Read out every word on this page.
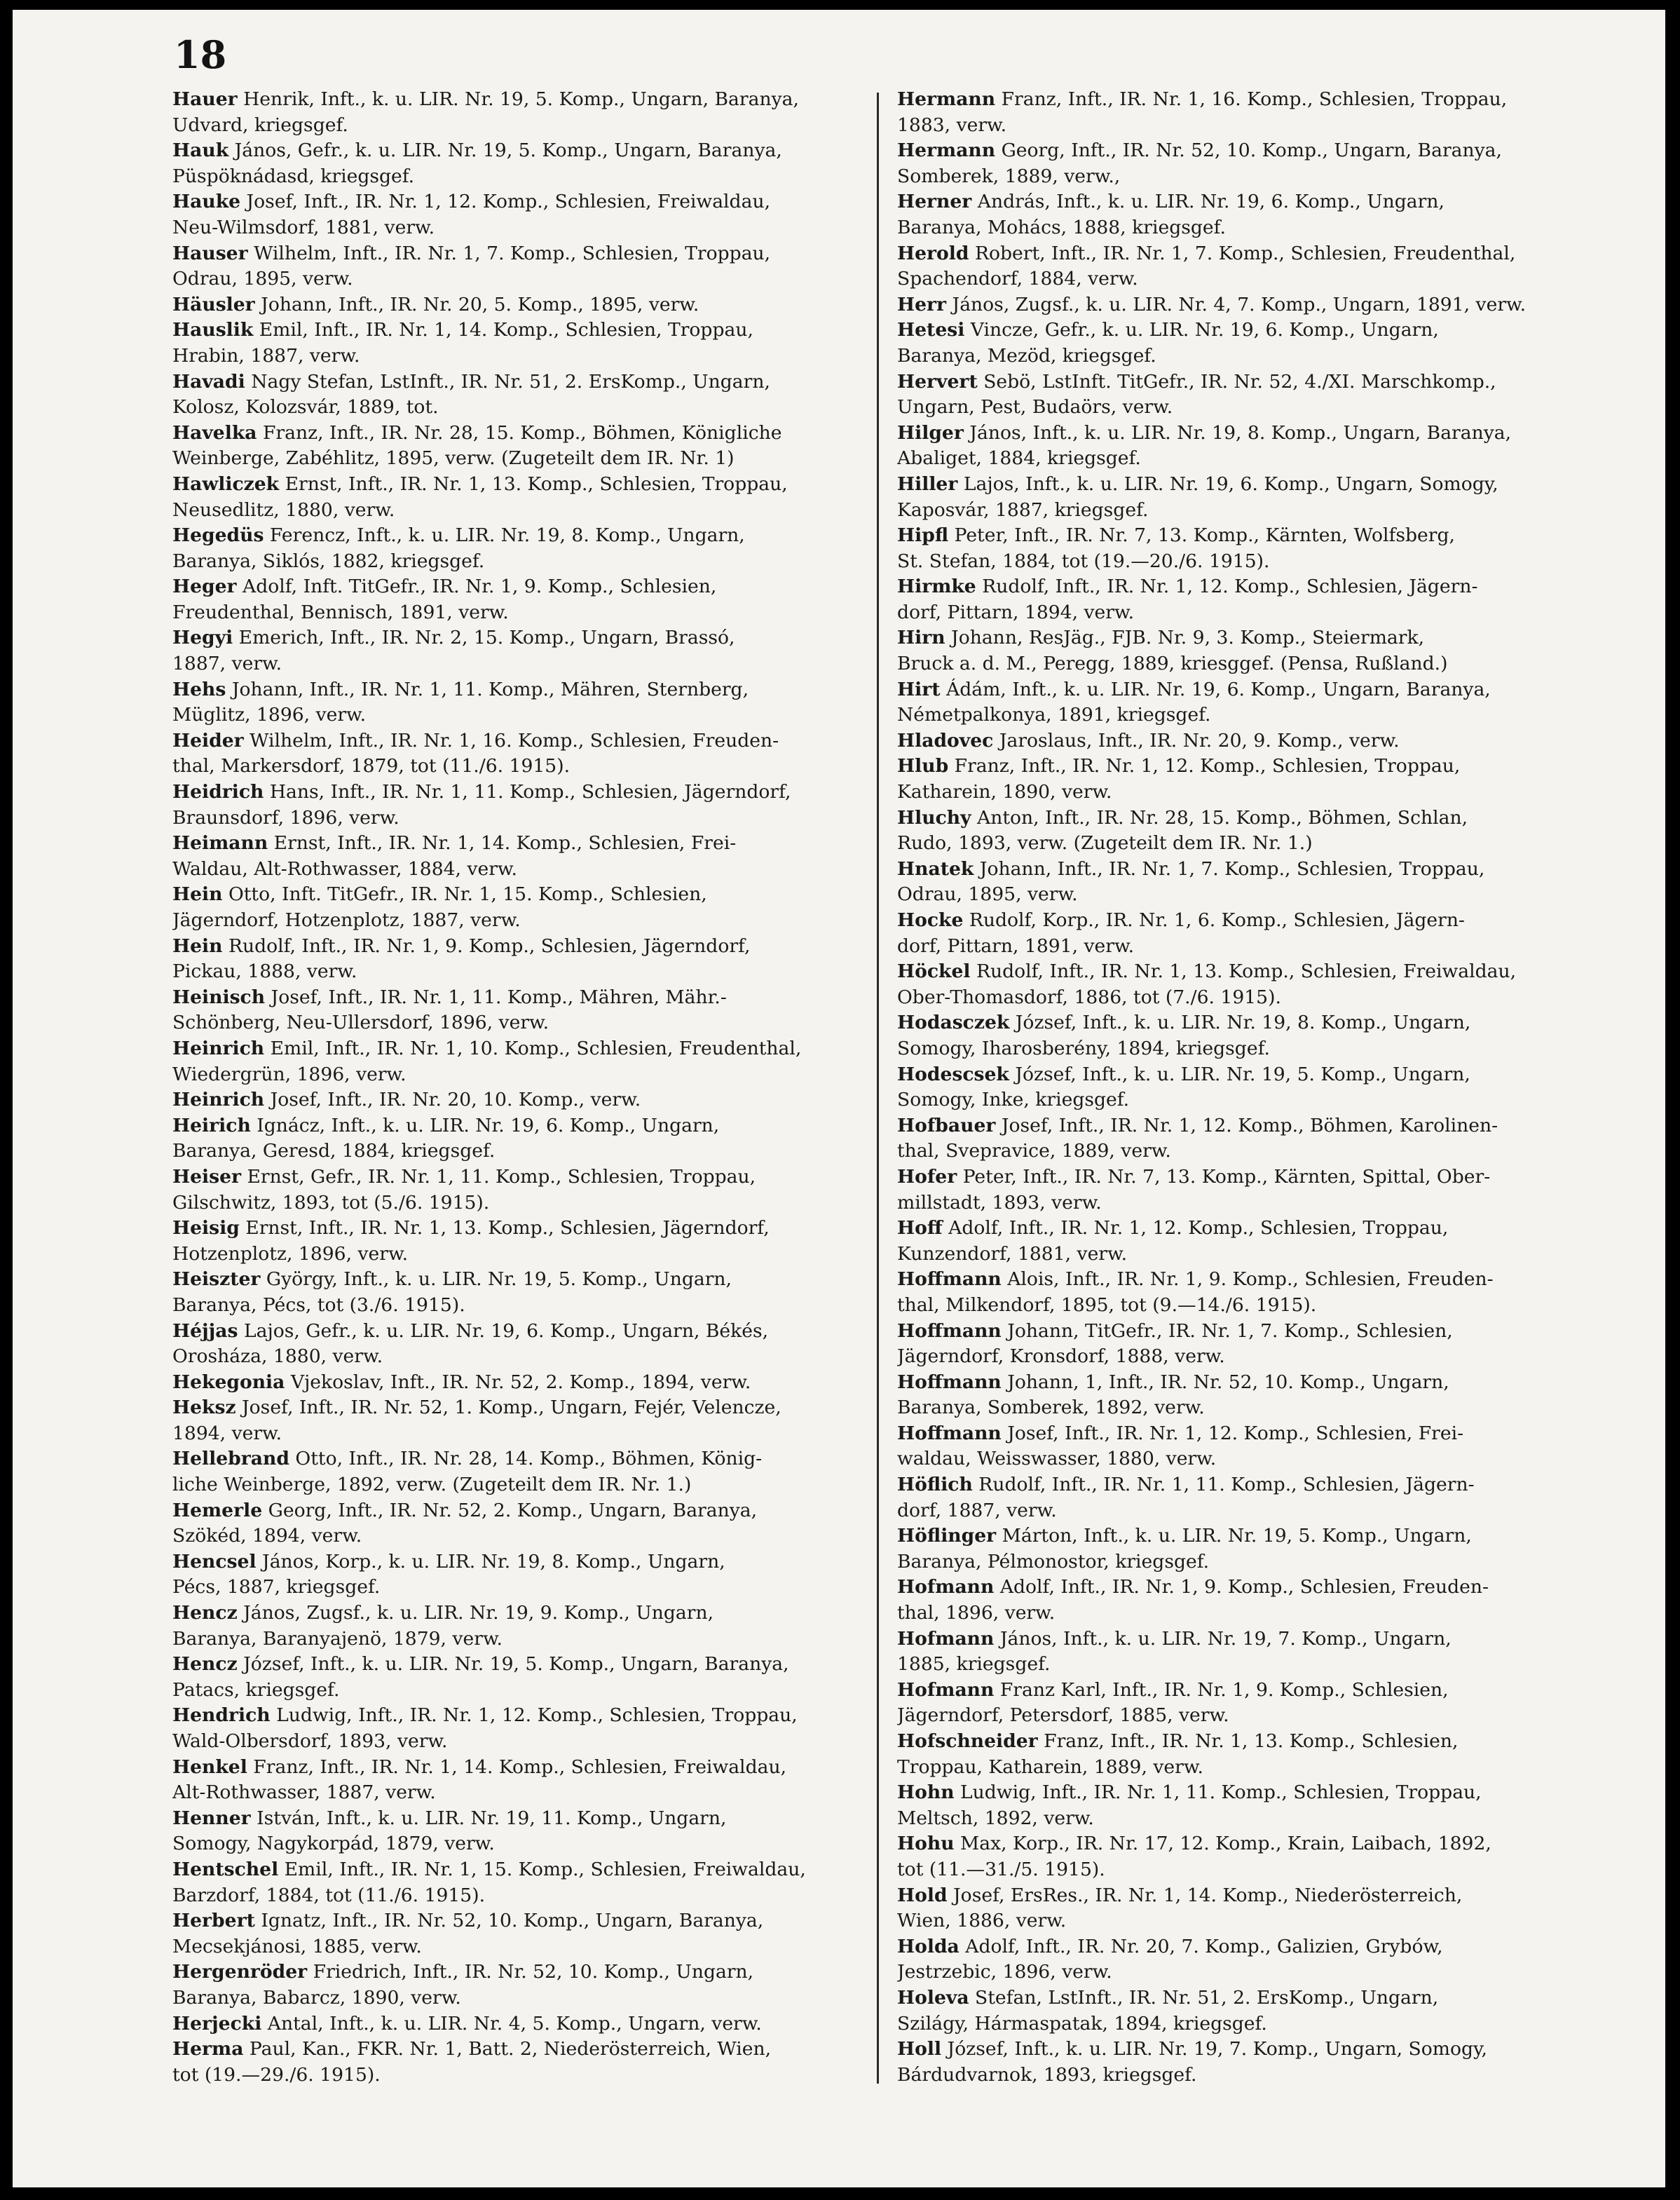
18
Hauer Henrik, Inft., k. u. LIR. Nr. 19, 5. Komp., Ungarn, Baranya,
Udvard, kriegsgef.
Hauk János, Gefr., k. u. LIR. Nr. 19, 5. Komp., Ungarn, Baranya,
Püspöknádasd, kriegsgef.
Hauke Josef, Inft., IR. Nr. 1, 12. Komp., Schlesien, Freiwaldau,
Neu-Wilmsdorf, 1881, verw.
Hauser Wilhelm, Inft., IR. Nr. 1, 7. Komp., Schlesien, Troppau,
Odrau, 1895, verw.
Häusler Johann, Inft., IR. Nr. 20, 5. Komp., 1895, verw.
Hauslik Emil, Inft., IR. Nr. 1, 14. Komp., Schlesien, Troppau,
Hrabin, 1887, verw.
Havadi Nagy Stefan, LstInft., IR. Nr. 51, 2. ErsKomp., Ungarn,
Kolosz, Kolozsvár, 1889, tot.
Havelka Franz, Inft., IR. Nr. 28, 15. Komp., Böhmen, Königliche
Weinberge, Zabéhlitz, 1895, verw. (Zugeteilt dem IR. Nr. 1)
Hawliczek Ernst, Inft., IR. Nr. 1, 13. Komp., Schlesien, Troppau,
Neusedlitz, 1880, verw.
Hegedüs Ferencz, Inft., k. u. LIR. Nr. 19, 8. Komp., Ungarn,
Baranya, Siklós, 1882, kriegsgef.
Heger Adolf, Inft. TitGefr., IR. Nr. 1, 9. Komp., Schlesien,
Freudenthal, Bennisch, 1891, verw.
Hegyi Emerich, Inft., IR. Nr. 2, 15. Komp., Ungarn, Brassó,
1887, verw.
Hehs Johann, Inft., IR. Nr. 1, 11. Komp., Mähren, Sternberg,
Müglitz, 1896, verw.
Heider Wilhelm, Inft., IR. Nr. 1, 16. Komp., Schlesien, Freuden-
thal, Markersdorf, 1879, tot (11./6. 1915).
Heidrich Hans, Inft., IR. Nr. 1, 11. Komp., Schlesien, Jägerndorf,
Braunsdorf, 1896, verw.
Heimann Ernst, Inft., IR. Nr. 1, 14. Komp., Schlesien, Frei-
Waldau, Alt-Rothwasser, 1884, verw.
Hein Otto, Inft. TitGefr., IR. Nr. 1, 15. Komp., Schlesien,
Jägerndorf, Hotzenplotz, 1887, verw.
Hein Rudolf, Inft., IR. Nr. 1, 9. Komp., Schlesien, Jägerndorf,
Pickau, 1888, verw.
Heinisch Josef, Inft., IR. Nr. 1, 11. Komp., Mähren, Mähr.-
Schönberg, Neu-Ullersdorf, 1896, verw.
Heinrich Emil, Inft., IR. Nr. 1, 10. Komp., Schlesien, Freudenthal,
Wiedergrün, 1896, verw.
Heinrich Josef, Inft., IR. Nr. 20, 10. Komp., verw.
Heirich Ignácz, Inft., k. u. LIR. Nr. 19, 6. Komp., Ungarn,
Baranya, Geresd, 1884, kriegsgef.
Heiser Ernst, Gefr., IR. Nr. 1, 11. Komp., Schlesien, Troppau,
Gilschwitz, 1893, tot (5./6. 1915).
Heisig Ernst, Inft., IR. Nr. 1, 13. Komp., Schlesien, Jägerndorf,
Hotzenplotz, 1896, verw.
Heiszter György, Inft., k. u. LIR. Nr. 19, 5. Komp., Ungarn,
Baranya, Pécs, tot (3./6. 1915).
Héjjas Lajos, Gefr., k. u. LIR. Nr. 19, 6. Komp., Ungarn, Békés,
Orosháza, 1880, verw.
Hekegonia Vjekoslav, Inft., IR. Nr. 52, 2. Komp., 1894, verw.
Heksz Josef, Inft., IR. Nr. 52, 1. Komp., Ungarn, Fejér, Velencze,
1894, verw.
Hellebrand Otto, Inft., IR. Nr. 28, 14. Komp., Böhmen, König-
liche Weinberge, 1892, verw. (Zugeteilt dem IR. Nr. 1.)
Hemerle Georg, Inft., IR. Nr. 52, 2. Komp., Ungarn, Baranya,
Szökéd, 1894, verw.
Hencsel János, Korp., k. u. LIR. Nr. 19, 8. Komp., Ungarn,
Pécs, 1887, kriegsgef.
Hencz János, Zugsf., k. u. LIR. Nr. 19, 9. Komp., Ungarn,
Baranya, Baranyajenö, 1879, verw.
Hencz József, Inft., k. u. LIR. Nr. 19, 5. Komp., Ungarn, Baranya,
Patacs, kriegsgef.
Hendrich Ludwig, Inft., IR. Nr. 1, 12. Komp., Schlesien, Troppau,
Wald-Olbersdorf, 1893, verw.
Henkel Franz, Inft., IR. Nr. 1, 14. Komp., Schlesien, Freiwaldau,
Alt-Rothwasser, 1887, verw.
Henner István, Inft., k. u. LIR. Nr. 19, 11. Komp., Ungarn,
Somogy, Nagykorpád, 1879, verw.
Hentschel Emil, Inft., IR. Nr. 1, 15. Komp., Schlesien, Freiwaldau,
Barzdorf, 1884, tot (11./6. 1915).
Herbert Ignatz, Inft., IR. Nr. 52, 10. Komp., Ungarn, Baranya,
Mecsekjánosi, 1885, verw.
Hergenröder Friedrich, Inft., IR. Nr. 52, 10. Komp., Ungarn,
Baranya, Babarcz, 1890, verw.
Herjecki Antal, Inft., k. u. LIR. Nr. 4, 5. Komp., Ungarn, verw.
Herma Paul, Kan., FKR. Nr. 1, Batt. 2, Niederösterreich, Wien,
tot (19.—29./6. 1915).
Hermann Franz, Inft., IR. Nr. 1, 16. Komp., Schlesien, Troppau,
1883, verw.
Hermann Georg, Inft., IR. Nr. 52, 10. Komp., Ungarn, Baranya,
Somberek, 1889, verw.,
Herner András, Inft., k. u. LIR. Nr. 19, 6. Komp., Ungarn,
Baranya, Mohács, 1888, kriegsgef.
Herold Robert, Inft., IR. Nr. 1, 7. Komp., Schlesien, Freudenthal,
Spachendorf, 1884, verw.
Herr János, Zugsf., k. u. LIR. Nr. 4, 7. Komp., Ungarn, 1891, verw.
Hetesi Vincze, Gefr., k. u. LIR. Nr. 19, 6. Komp., Ungarn,
Baranya, Mezöd, kriegsgef.
Hervert Sebö, LstInft. TitGefr., IR. Nr. 52, 4./XI. Marschkomp.,
Ungarn, Pest, Budaörs, verw.
Hilger János, Inft., k. u. LIR. Nr. 19, 8. Komp., Ungarn, Baranya,
Abaliget, 1884, kriegsgef.
Hiller Lajos, Inft., k. u. LIR. Nr. 19, 6. Komp., Ungarn, Somogy,
Kaposvár, 1887, kriegsgef.
Hipfl Peter, Inft., IR. Nr. 7, 13. Komp., Kärnten, Wolfsberg,
St. Stefan, 1884, tot (19.—20./6. 1915).
Hirmke Rudolf, Inft., IR. Nr. 1, 12. Komp., Schlesien, Jägern-
dorf, Pittarn, 1894, verw.
Hirn Johann, ResJäg., FJB. Nr. 9, 3. Komp., Steiermark,
Bruck a. d. M., Peregg, 1889, kriesggef. (Pensa, Rußland.)
Hirt Ádám, Inft., k. u. LIR. Nr. 19, 6. Komp., Ungarn, Baranya,
Németpalkonya, 1891, kriegsgef.
Hladovec Jaroslaus, Inft., IR. Nr. 20, 9. Komp., verw.
Hlub Franz, Inft., IR. Nr. 1, 12. Komp., Schlesien, Troppau,
Katharein, 1890, verw.
Hluchy Anton, Inft., IR. Nr. 28, 15. Komp., Böhmen, Schlan,
Rudo, 1893, verw. (Zugeteilt dem IR. Nr. 1.)
Hnatek Johann, Inft., IR. Nr. 1, 7. Komp., Schlesien, Troppau,
Odrau, 1895, verw.
Hocke Rudolf, Korp., IR. Nr. 1, 6. Komp., Schlesien, Jägern-
dorf, Pittarn, 1891, verw.
Höckel Rudolf, Inft., IR. Nr. 1, 13. Komp., Schlesien, Freiwaldau,
Ober-Thomasdorf, 1886, tot (7./6. 1915).
Hodasczek József, Inft., k. u. LIR. Nr. 19, 8. Komp., Ungarn,
Somogy, Iharosberény, 1894, kriegsgef.
Hodescsek József, Inft., k. u. LIR. Nr. 19, 5. Komp., Ungarn,
Somogy, Inke, kriegsgef.
Hofbauer Josef, Inft., IR. Nr. 1, 12. Komp., Böhmen, Karolinen-
thal, Svepravice, 1889, verw.
Hofer Peter, Inft., IR. Nr. 7, 13. Komp., Kärnten, Spittal, Ober-
millstadt, 1893, verw.
Hoff Adolf, Inft., IR. Nr. 1, 12. Komp., Schlesien, Troppau,
Kunzendorf, 1881, verw.
Hoffmann Alois, Inft., IR. Nr. 1, 9. Komp., Schlesien, Freuden-
thal, Milkendorf, 1895, tot (9.—14./6. 1915).
Hoffmann Johann, TitGefr., IR. Nr. 1, 7. Komp., Schlesien,
Jägerndorf, Kronsdorf, 1888, verw.
Hoffmann Johann, 1, Inft., IR. Nr. 52, 10. Komp., Ungarn,
Baranya, Somberek, 1892, verw.
Hoffmann Josef, Inft., IR. Nr. 1, 12. Komp., Schlesien, Frei-
waldau, Weisswasser, 1880, verw.
Höflich Rudolf, Inft., IR. Nr. 1, 11. Komp., Schlesien, Jägern-
dorf, 1887, verw.
Höflinger Márton, Inft., k. u. LIR. Nr. 19, 5. Komp., Ungarn,
Baranya, Pélmonostor, kriegsgef.
Hofmann Adolf, Inft., IR. Nr. 1, 9. Komp., Schlesien, Freuden-
thal, 1896, verw.
Hofmann János, Inft., k. u. LIR. Nr. 19, 7. Komp., Ungarn,
1885, kriegsgef.
Hofmann Franz Karl, Inft., IR. Nr. 1, 9. Komp., Schlesien,
Jägerndorf, Petersdorf, 1885, verw.
Hofschneider Franz, Inft., IR. Nr. 1, 13. Komp., Schlesien,
Troppau, Katharein, 1889, verw.
Hohn Ludwig, Inft., IR. Nr. 1, 11. Komp., Schlesien, Troppau,
Meltsch, 1892, verw.
Hohu Max, Korp., IR. Nr. 17, 12. Komp., Krain, Laibach, 1892,
tot (11.—31./5. 1915).
Hold Josef, ErsRes., IR. Nr. 1, 14. Komp., Niederösterreich,
Wien, 1886, verw.
Holda Adolf, Inft., IR. Nr. 20, 7. Komp., Galizien, Grybów,
Jestrzebic, 1896, verw.
Holeva Stefan, LstInft., IR. Nr. 51, 2. ErsKomp., Ungarn,
Szilágy, Hármaspatak, 1894, kriegsgef.
Holl József, Inft., k. u. LIR. Nr. 19, 7. Komp., Ungarn, Somogy,
Bárdudvarnok, 1893, kriegsgef.
